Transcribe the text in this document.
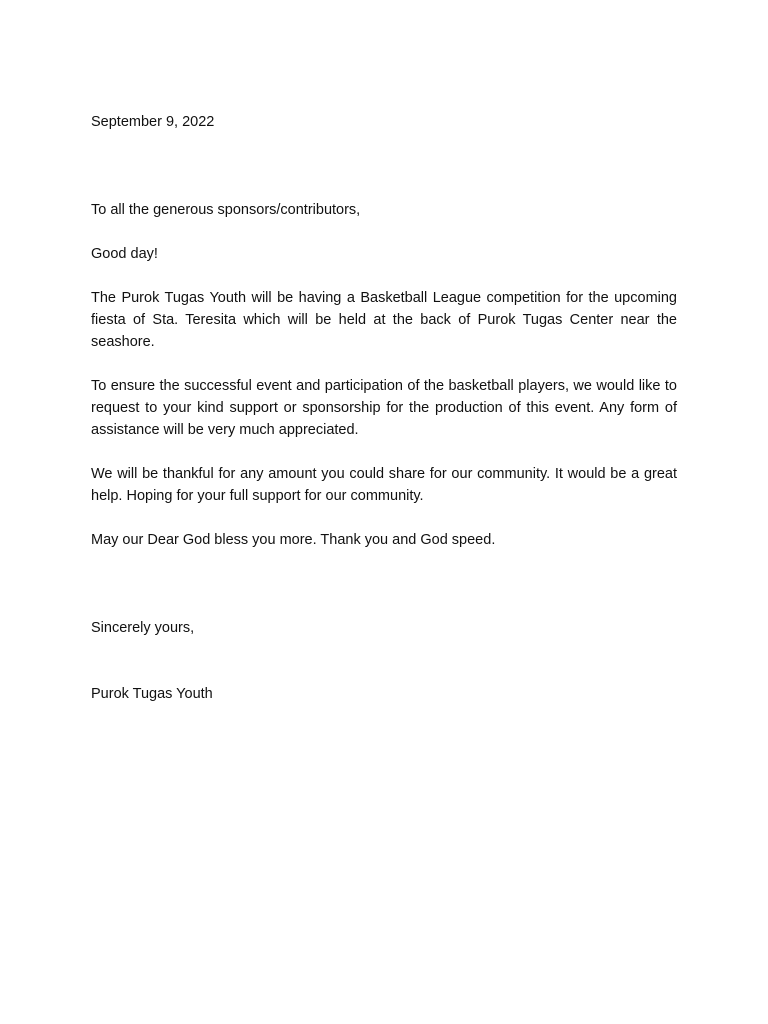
September 9, 2022

To all the generous sponsors/contributors,

Good day!

The Purok Tugas Youth will be having a Basketball League competition for the upcoming fiesta of Sta. Teresita which will be held at the back of Purok Tugas Center near the seashore.

To ensure the successful event and participation of the basketball players, we would like to request to your kind support or sponsorship for the production of this event. Any form of assistance will be very much appreciated.

We will be thankful for any amount you could share for our community. It would be a great help. Hoping for your full support for our community.

May our Dear God bless you more. Thank you and God speed.

Sincerely yours,

Purok Tugas Youth
